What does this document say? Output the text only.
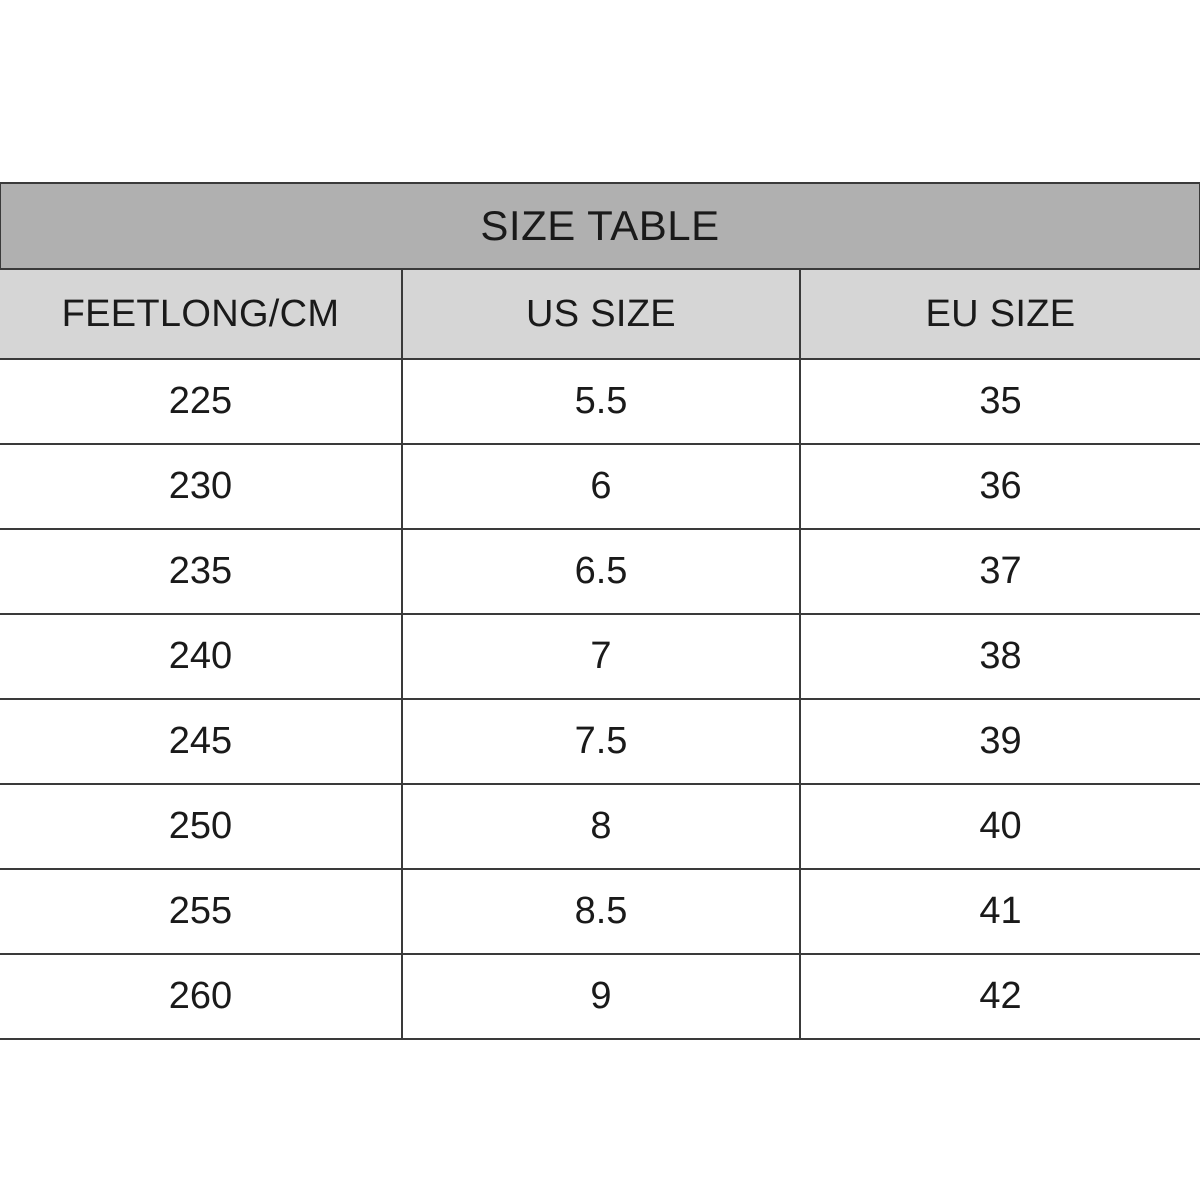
SIZE TABLE		
FEETLONG/CM	US SIZE	EU SIZE
225	5.5	35
230	6	36
235	6.5	37
240	7	38
245	7.5	39
250	8	40
255	8.5	41
260	9	42
